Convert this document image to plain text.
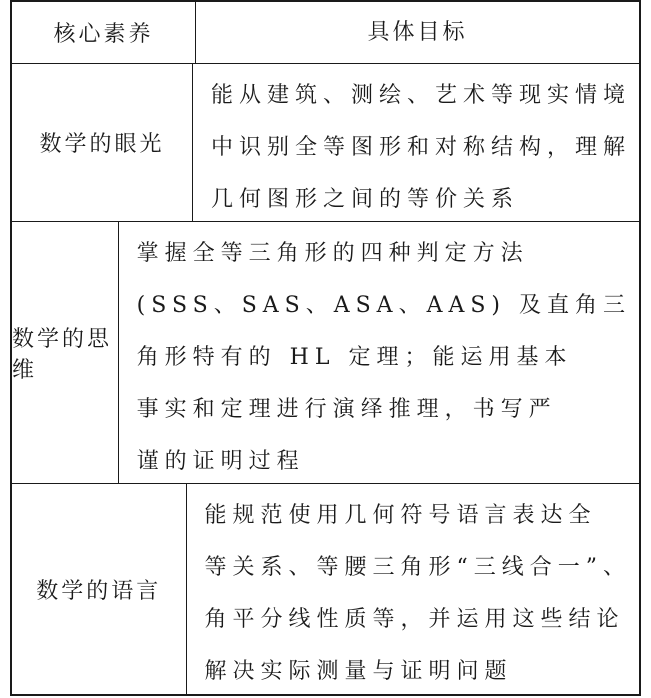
核心素养	具体目标
数学的眼光
能从建筑、测绘、艺术等现实情境
中识别全等图形和对称结构，理解
几何图形之间的等价关系
数学的思维
掌握全等三角形的四种判定方法
(SSS、SAS、ASA、AAS) 及直角三
角形特有的 HL 定理；能运用基本
事实和定理进行演绎推理，书写严
谨的证明过程
数学的语言
能规范使用几何符号语言表达全
等关系、等腰三角形“三线合一”、
角平分线性质等，并运用这些结论
解决实际测量与证明问题
